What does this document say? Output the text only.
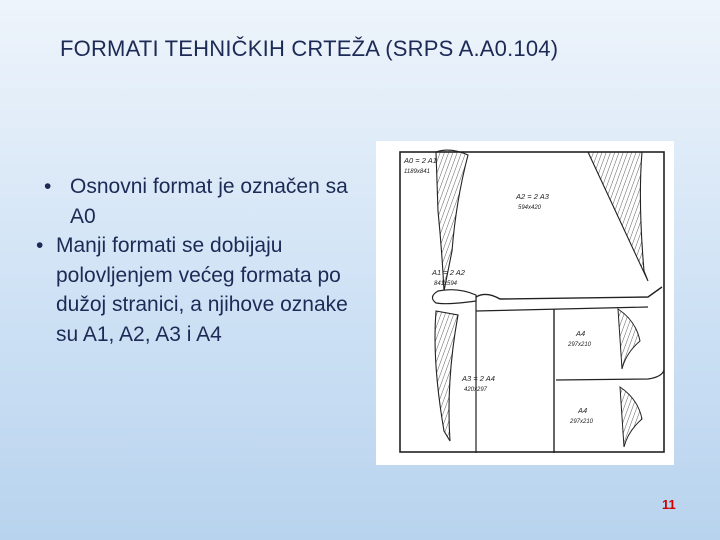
FORMATI TEHNIČKIH CRTEŽA (SRPS A.A0.104)
• Osnovni format je označen sa A0
• Manji formati se dobijaju polovljenjem većeg formata po dužoj stranici, a njihove oznake su A1, A2, A3 i A4
A0 = 2 A1
1189x841
A1 = 2 A2
841x594
A2 = 2 A3
594x420
A3 = 2 A4
420x297
A4
297x210
A4
297x210
11
